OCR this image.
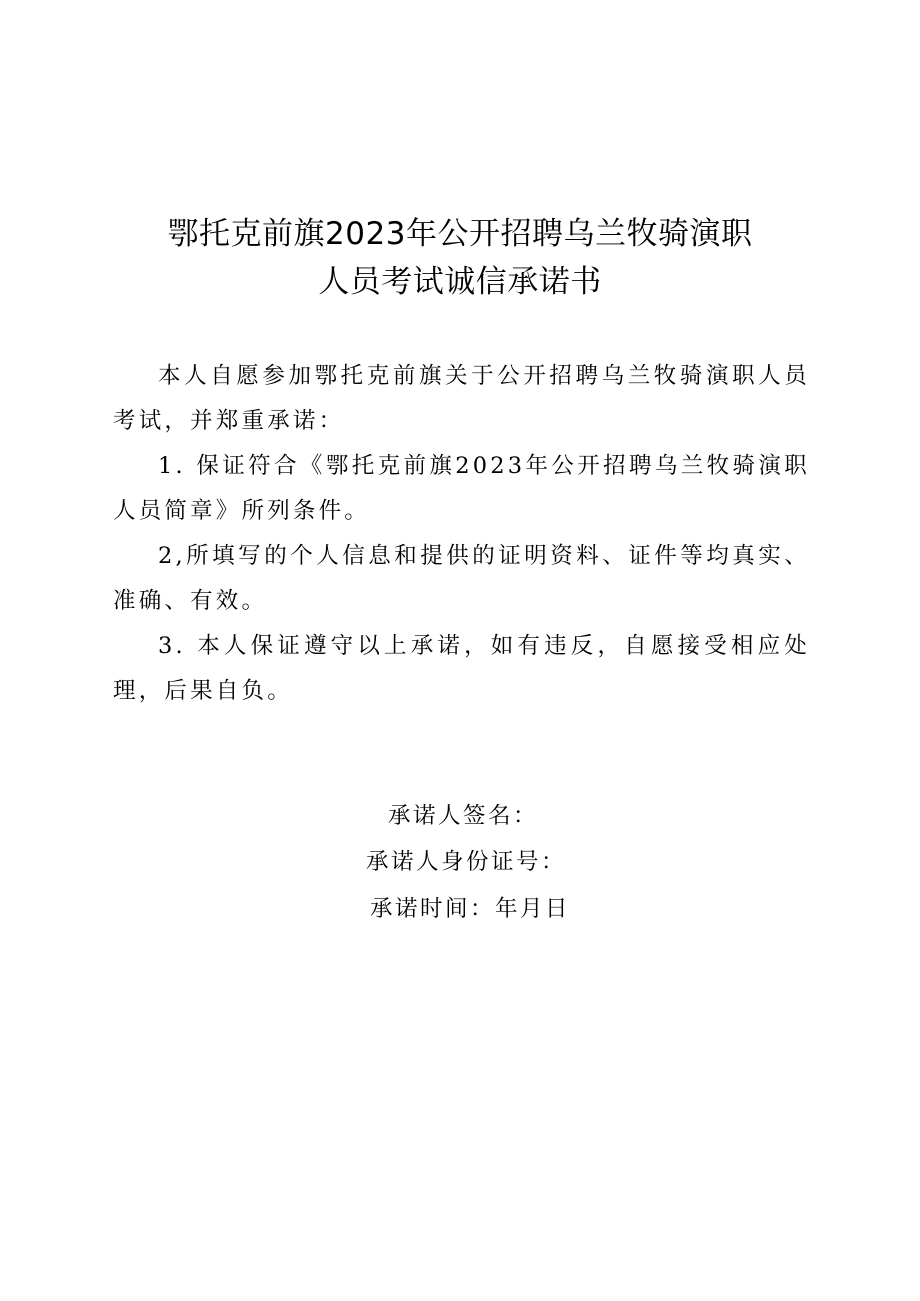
鄂托克前旗2023年公开招聘乌兰牧骑演职
人员考试诚信承诺书

本人自愿参加鄂托克前旗关于公开招聘乌兰牧骑演职人员考试，并郑重承诺：

1. 保证符合《鄂托克前旗2023年公开招聘乌兰牧骑演职人员简章》所列条件。

2,所填写的个人信息和提供的证明资料、证件等均真实、准确、有效。

3. 本人保证遵守以上承诺，如有违反，自愿接受相应处理，后果自负。

承诺人签名：
承诺人身份证号：
承诺时间：年月日
